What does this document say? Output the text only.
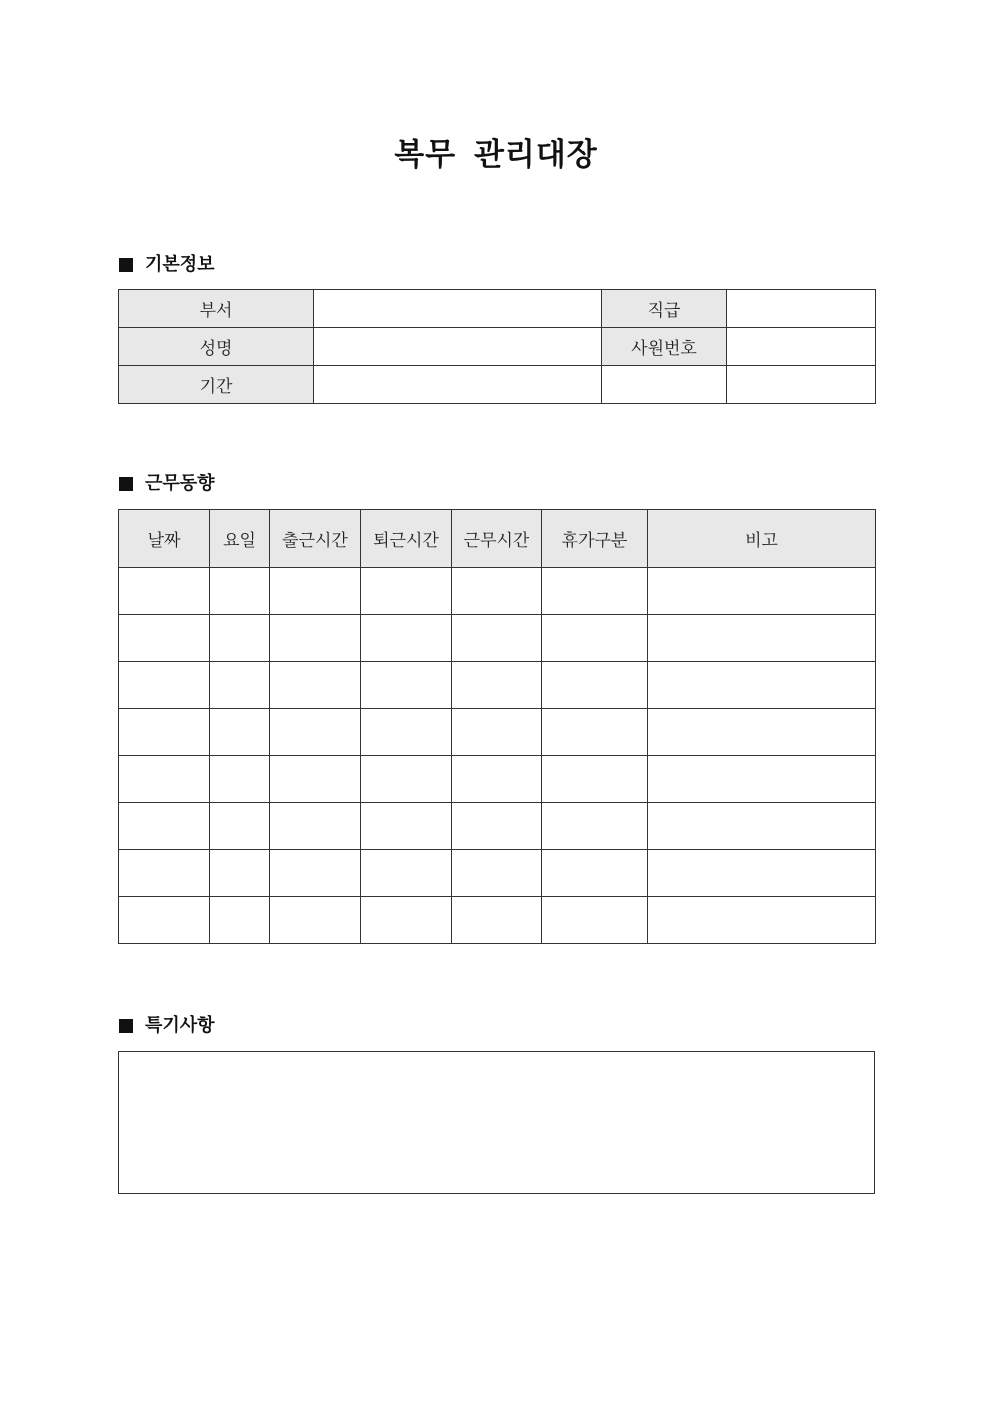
복무 관리대장
기본정보
부서		직급	
성명		사원번호	
기간			
근무동향
날짜	요일	출근시간	퇴근시간	근무시간	휴가구분	비고

특기사항
